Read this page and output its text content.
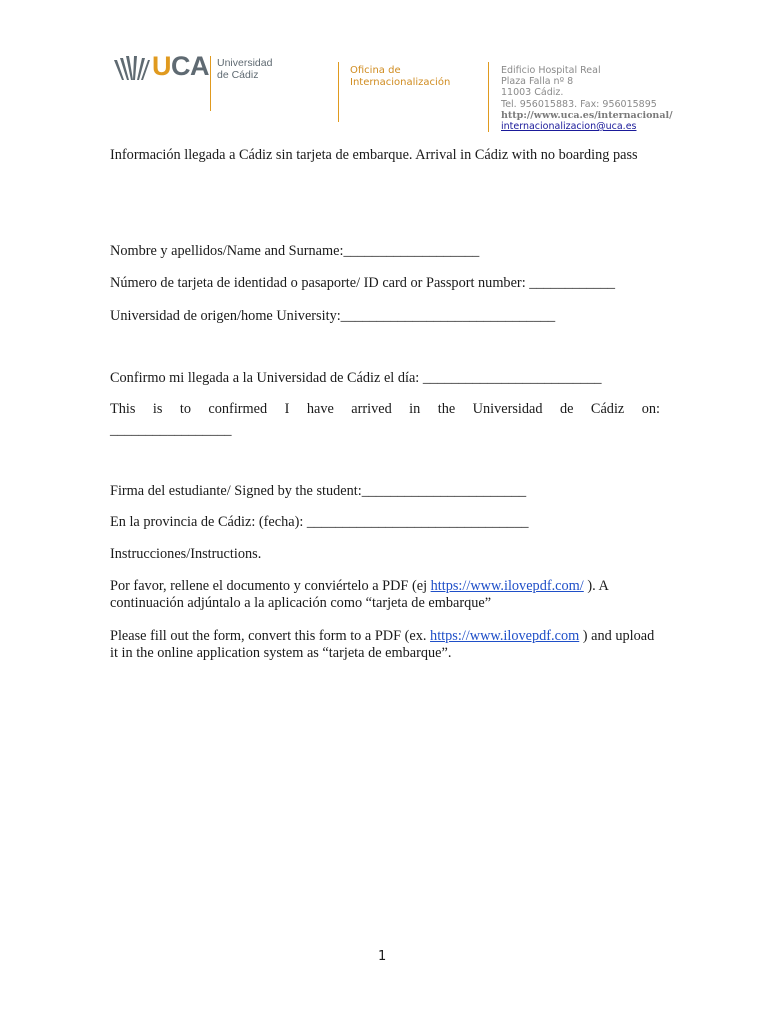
UCA Universidad
de Cádiz	Oficina de
Internacionalización
Edificio Hospital Real
Plaza Falla nº 8
11003 Cádiz.
Tel. 956015883. Fax: 956015895
http://www.uca.es/internacional/
internacionalizacion@uca.es
Información llegada a Cádiz sin tarjeta de embarque. Arrival in Cádiz with no boarding pass
Nombre y apellidos/Name and Surname:___________________
Número de tarjeta de identidad o pasaporte/ ID card or Passport number: ____________
Universidad de origen/home University:______________________________
Confirmo mi llegada a la Universidad de Cádiz el día: _________________________
This is to confirmed I have arrived in the Universidad de Cádiz on:
_________________
Firma del estudiante/ Signed by the student:_______________________
En la provincia de Cádiz: (fecha): _______________________________
Instrucciones/Instructions.
Por favor, rellene el documento y conviértelo a PDF (ej https://www.ilovepdf.com/ ). A continuación adjúntalo a la aplicación como “tarjeta de embarque”
Please fill out the form, convert this form to a PDF (ex. https://www.ilovepdf.com ) and upload it in the online application system as “tarjeta de embarque”.
1
